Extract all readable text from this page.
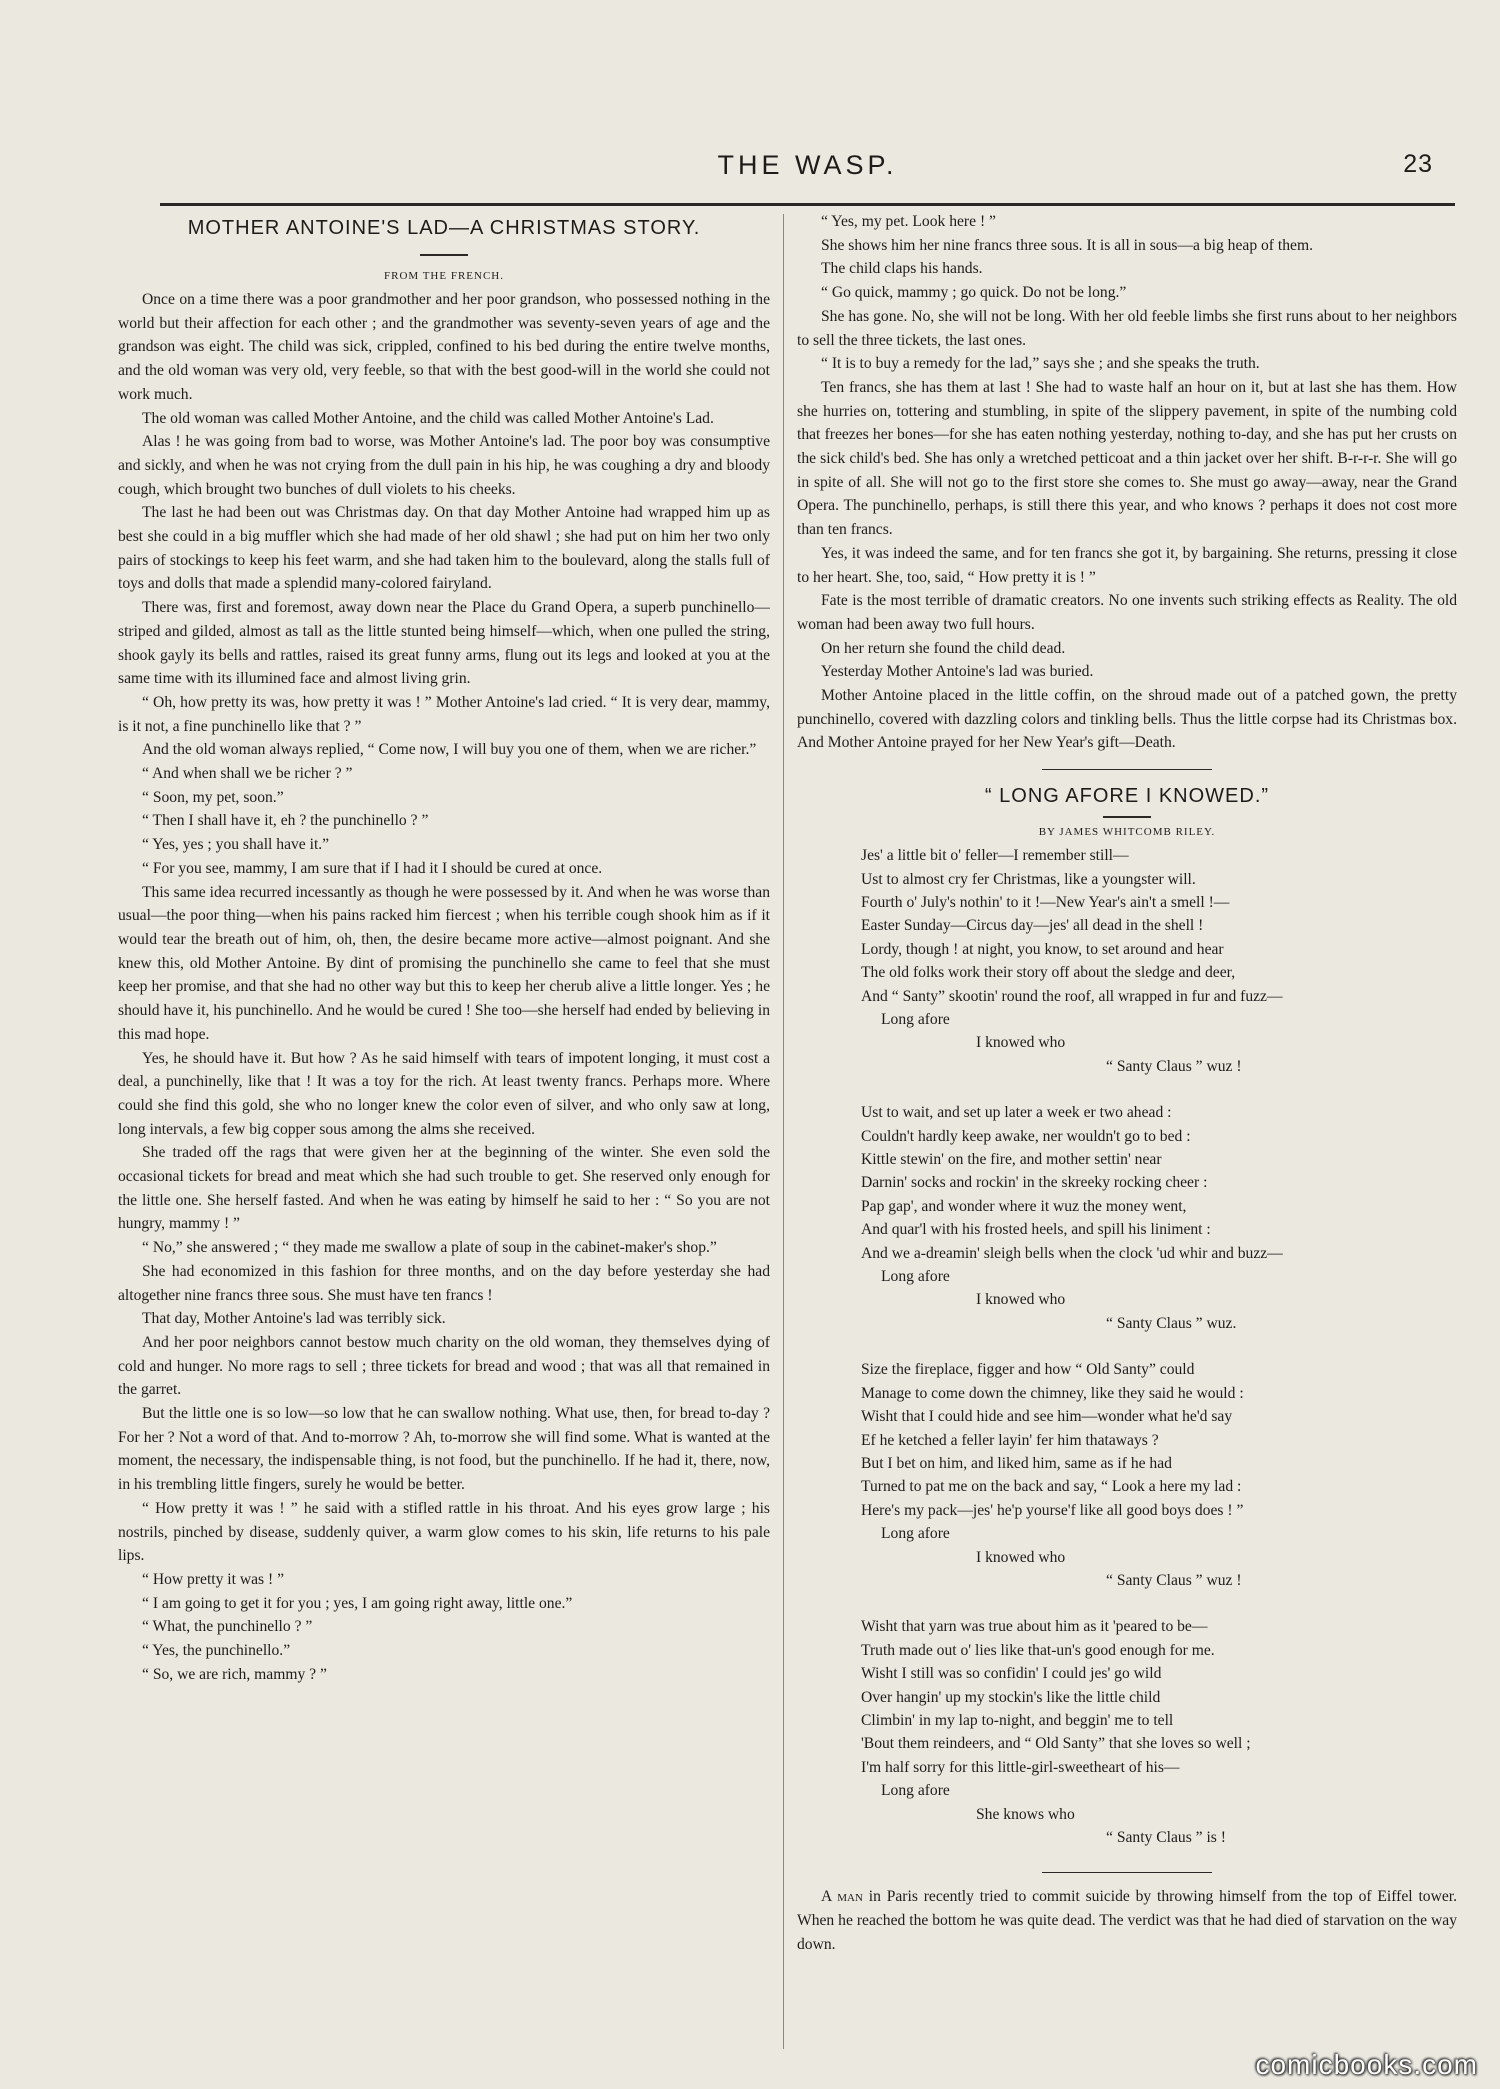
THE WASP.	23
MOTHER ANTOINE'S LAD—A CHRISTMAS STORY.
FROM THE FRENCH.

Once on a time there was a poor grandmother and her poor grandson, who possessed nothing in the world but their affection for each other ; and the grandmother was seventy-seven years of age and the grandson was eight. The child was sick, crippled, confined to his bed during the entire twelve months, and the old woman was very old, very feeble, so that with the best good-will in the world she could not work much.

The old woman was called Mother Antoine, and the child was called Mother Antoine's Lad.

Alas ! he was going from bad to worse, was Mother Antoine's lad. The poor boy was consumptive and sickly, and when he was not crying from the dull pain in his hip, he was coughing a dry and bloody cough, which brought two bunches of dull violets to his cheeks.

The last he had been out was Christmas day. On that day Mother Antoine had wrapped him up as best she could in a big muffler which she had made of her old shawl ; she had put on him her two only pairs of stockings to keep his feet warm, and she had taken him to the boulevard, along the stalls full of toys and dolls that made a splendid many-colored fairyland.

There was, first and foremost, away down near the Place du Grand Opera, a superb punchinello—striped and gilded, almost as tall as the little stunted being himself—which, when one pulled the string, shook gayly its bells and rattles, raised its great funny arms, flung out its legs and looked at you at the same time with its illumined face and almost living grin.

“ Oh, how pretty its was, how pretty it was ! ” Mother Antoine's lad cried. “ It is very dear, mammy, is it not, a fine punchinello like that ? ”

And the old woman always replied, “ Come now, I will buy you one of them, when we are richer.”

“ And when shall we be richer ? ”

“ Soon, my pet, soon.”

“ Then I shall have it, eh ? the punchinello ? ”

“ Yes, yes ; you shall have it.”

“ For you see, mammy, I am sure that if I had it I should be cured at once.

This same idea recurred incessantly as though he were possessed by it. And when he was worse than usual—the poor thing—when his pains racked him fiercest ; when his terrible cough shook him as if it would tear the breath out of him, oh, then, the desire became more active—almost poignant. And she knew this, old Mother Antoine. By dint of promising the punchinello she came to feel that she must keep her promise, and that she had no other way but this to keep her cherub alive a little longer. Yes ; he should have it, his punchinello. And he would be cured ! She too—she herself had ended by believing in this mad hope.

Yes, he should have it. But how ? As he said himself with tears of impotent longing, it must cost a deal, a punchinelly, like that ! It was a toy for the rich. At least twenty francs. Perhaps more. Where could she find this gold, she who no longer knew the color even of silver, and who only saw at long, long intervals, a few big copper sous among the alms she received.

She traded off the rags that were given her at the beginning of the winter. She even sold the occasional tickets for bread and meat which she had such trouble to get. She reserved only enough for the little one. She herself fasted. And when he was eating by himself he said to her : “ So you are not hungry, mammy ! ”

“ No,” she answered ; “ they made me swallow a plate of soup in the cabinet-maker's shop.”

She had economized in this fashion for three months, and on the day before yesterday she had altogether nine francs three sous. She must have ten francs !

That day, Mother Antoine's lad was terribly sick.

And her poor neighbors cannot bestow much charity on the old woman, they themselves dying of cold and hunger. No more rags to sell ; three tickets for bread and wood ; that was all that remained in the garret.

But the little one is so low—so low that he can swallow nothing. What use, then, for bread to-day ? For her ? Not a word of that. And to-morrow ? Ah, to-morrow she will find some. What is wanted at the moment, the necessary, the indispensable thing, is not food, but the punchinello. If he had it, there, now, in his trembling little fingers, surely he would be better.

“ How pretty it was ! ” he said with a stifled rattle in his throat. And his eyes grow large ; his nostrils, pinched by disease, suddenly quiver, a warm glow comes to his skin, life returns to his pale lips.

“ How pretty it was ! ”

“ I am going to get it for you ; yes, I am going right away, little one.”

“ What, the punchinello ? ”

“ Yes, the punchinello.”

“ So, we are rich, mammy ? ”

“ Yes, my pet. Look here ! ”

She shows him her nine francs three sous. It is all in sous—a big heap of them.

The child claps his hands.

“ Go quick, mammy ; go quick. Do not be long.”

She has gone. No, she will not be long. With her old feeble limbs she first runs about to her neighbors to sell the three tickets, the last ones.

“ It is to buy a remedy for the lad,” says she ; and she speaks the truth.

Ten francs, she has them at last ! She had to waste half an hour on it, but at last she has them. How she hurries on, tottering and stumbling, in spite of the slippery pavement, in spite of the numbing cold that freezes her bones—for she has eaten nothing yesterday, nothing to-day, and she has put her crusts on the sick child's bed. She has only a wretched petticoat and a thin jacket over her shift. B-r-r-r. She will go in spite of all. She will not go to the first store she comes to. She must go away—away, near the Grand Opera. The punchinello, perhaps, is still there this year, and who knows ? perhaps it does not cost more than ten francs.

Yes, it was indeed the same, and for ten francs she got it, by bargaining. She returns, pressing it close to her heart. She, too, said, “ How pretty it is ! ”

Fate is the most terrible of dramatic creators. No one invents such striking effects as Reality. The old woman had been away two full hours.

On her return she found the child dead.

Yesterday Mother Antoine's lad was buried.

Mother Antoine placed in the little coffin, on the shroud made out of a patched gown, the pretty punchinello, covered with dazzling colors and tinkling bells. Thus the little corpse had its Christmas box. And Mother Antoine prayed for her New Year's gift—Death.

“ LONG AFORE I KNOWED.”
BY JAMES WHITCOMB RILEY.
Jes' a little bit o' feller—I remember still—
Ust to almost cry fer Christmas, like a youngster will.
Fourth o' July's nothin' to it !—New Year's ain't a smell !—
Easter Sunday—Circus day—jes' all dead in the shell !
Lordy, though ! at night, you know, to set around and hear
The old folks work their story off about the sledge and deer,
And “ Santy” skootin' round the roof, all wrapped in fur and fuzz—
Long afore
I knowed who
“ Santy Claus ” wuz !
Ust to wait, and set up later a week er two ahead :
Couldn't hardly keep awake, ner wouldn't go to bed :
Kittle stewin' on the fire, and mother settin' near
Darnin' socks and rockin' in the skreeky rocking cheer :
Pap gap', and wonder where it wuz the money went,
And quar'l with his frosted heels, and spill his liniment :
And we a-dreamin' sleigh bells when the clock 'ud whir and buzz—
Long afore
I knowed who
“ Santy Claus ” wuz.
Size the fireplace, figger and how “ Old Santy” could
Manage to come down the chimney, like they said he would :
Wisht that I could hide and see him—wonder what he'd say
Ef he ketched a feller layin' fer him thataways ?
But I bet on him, and liked him, same as if he had
Turned to pat me on the back and say, “ Look a here my lad :
Here's my pack—jes' he'p yourse'f like all good boys does ! ”
Long afore
I knowed who
“ Santy Claus ” wuz !
Wisht that yarn was true about him as it 'peared to be—
Truth made out o' lies like that-un's good enough for me.
Wisht I still was so confidin' I could jes' go wild
Over hangin' up my stockin's like the little child
Climbin' in my lap to-night, and beggin' me to tell
'Bout them reindeers, and “ Old Santy” that she loves so well ;
I'm half sorry for this little-girl-sweetheart of his—
Long afore
She knows who
“ Santy Claus ” is !

A man in Paris recently tried to commit suicide by throwing himself from the top of Eiffel tower. When he reached the bottom he was quite dead. The verdict was that he had died of starvation on the way down.

comicbooks.com
